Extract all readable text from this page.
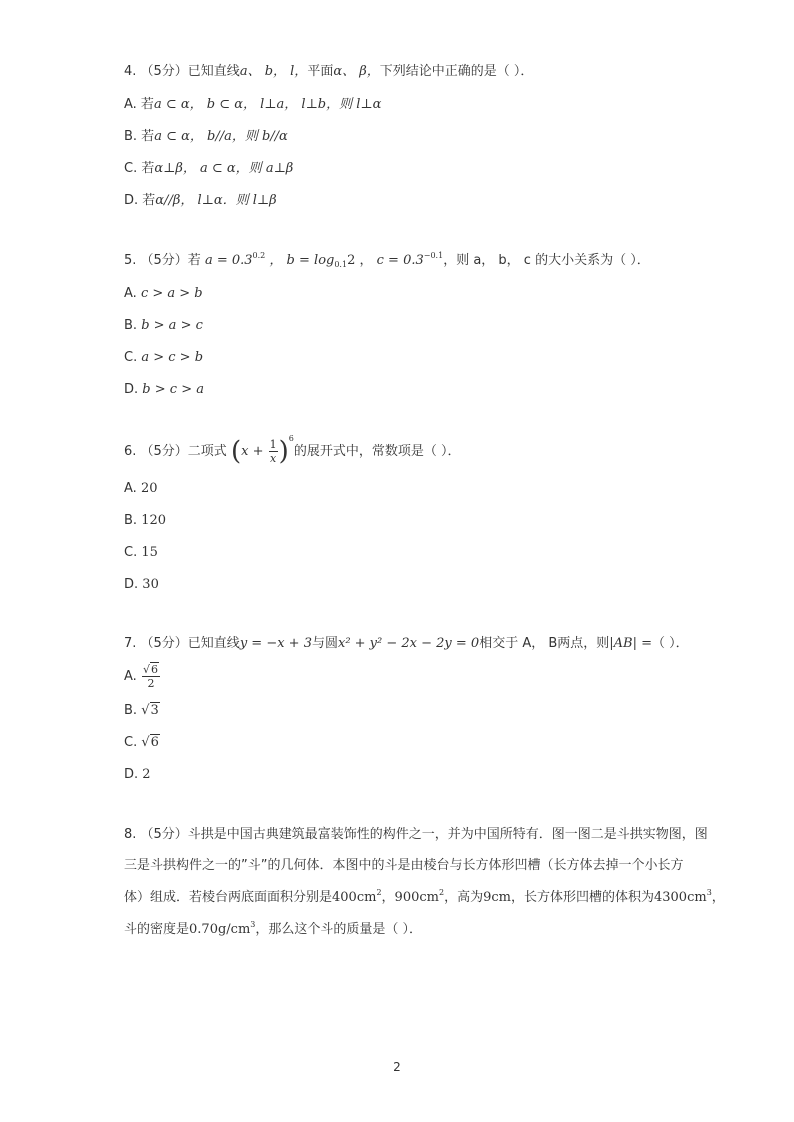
4. （5分）已知直线a、 b， l，平面α、 β，下列结论中正确的是（ ）．
A. 若a ⊂ α， b ⊂ α， l⊥a， l⊥b，则 l⊥α
B. 若a ⊂ α， b//a，则 b//α
C. 若α⊥β， a ⊂ α，则 a⊥β
D. 若α//β， l⊥α．则 l⊥β
5. （5分）若 $a = 0.3^{0.2}$ ， $b = \log_{0.1}2$ ， $c = 0.3^{-0.1}$，则 a， b， c 的大小关系为（ ）．
A. c > a > b
B. b > a > c
C. a > c > b
D. b > c > a
6. （5分）二项式 $(x + \frac{1}{x} )^6$的展开式中，常数项是（ ）．
A. 20
B. 120
C. 15
D. 30
7. （5分）已知直线y = −x + 3与圆x² + y² − 2x − 2y = 0相交于 A， B两点，则|AB| =（ ）．
A. $\frac{√6}{2}$
B. √3
C. √6
D. 2
8. （5分）斗拱是中国古典建筑最富装饰性的构件之一，并为中国所特有．图一图二是斗拱实物图，图
三是斗拱构件之一的”斗”的几何体．本图中的斗是由棱台与长方体形凹槽（长方体去掉一个小长方
体）组成．若棱台两底面面积分别是$400cm^2$，$900cm^2$，高为9cm，长方体形凹槽的体积为$4300cm^3$，
斗的密度是$0.70g/cm^3$，那么这个斗的质量是（ ）．
2
